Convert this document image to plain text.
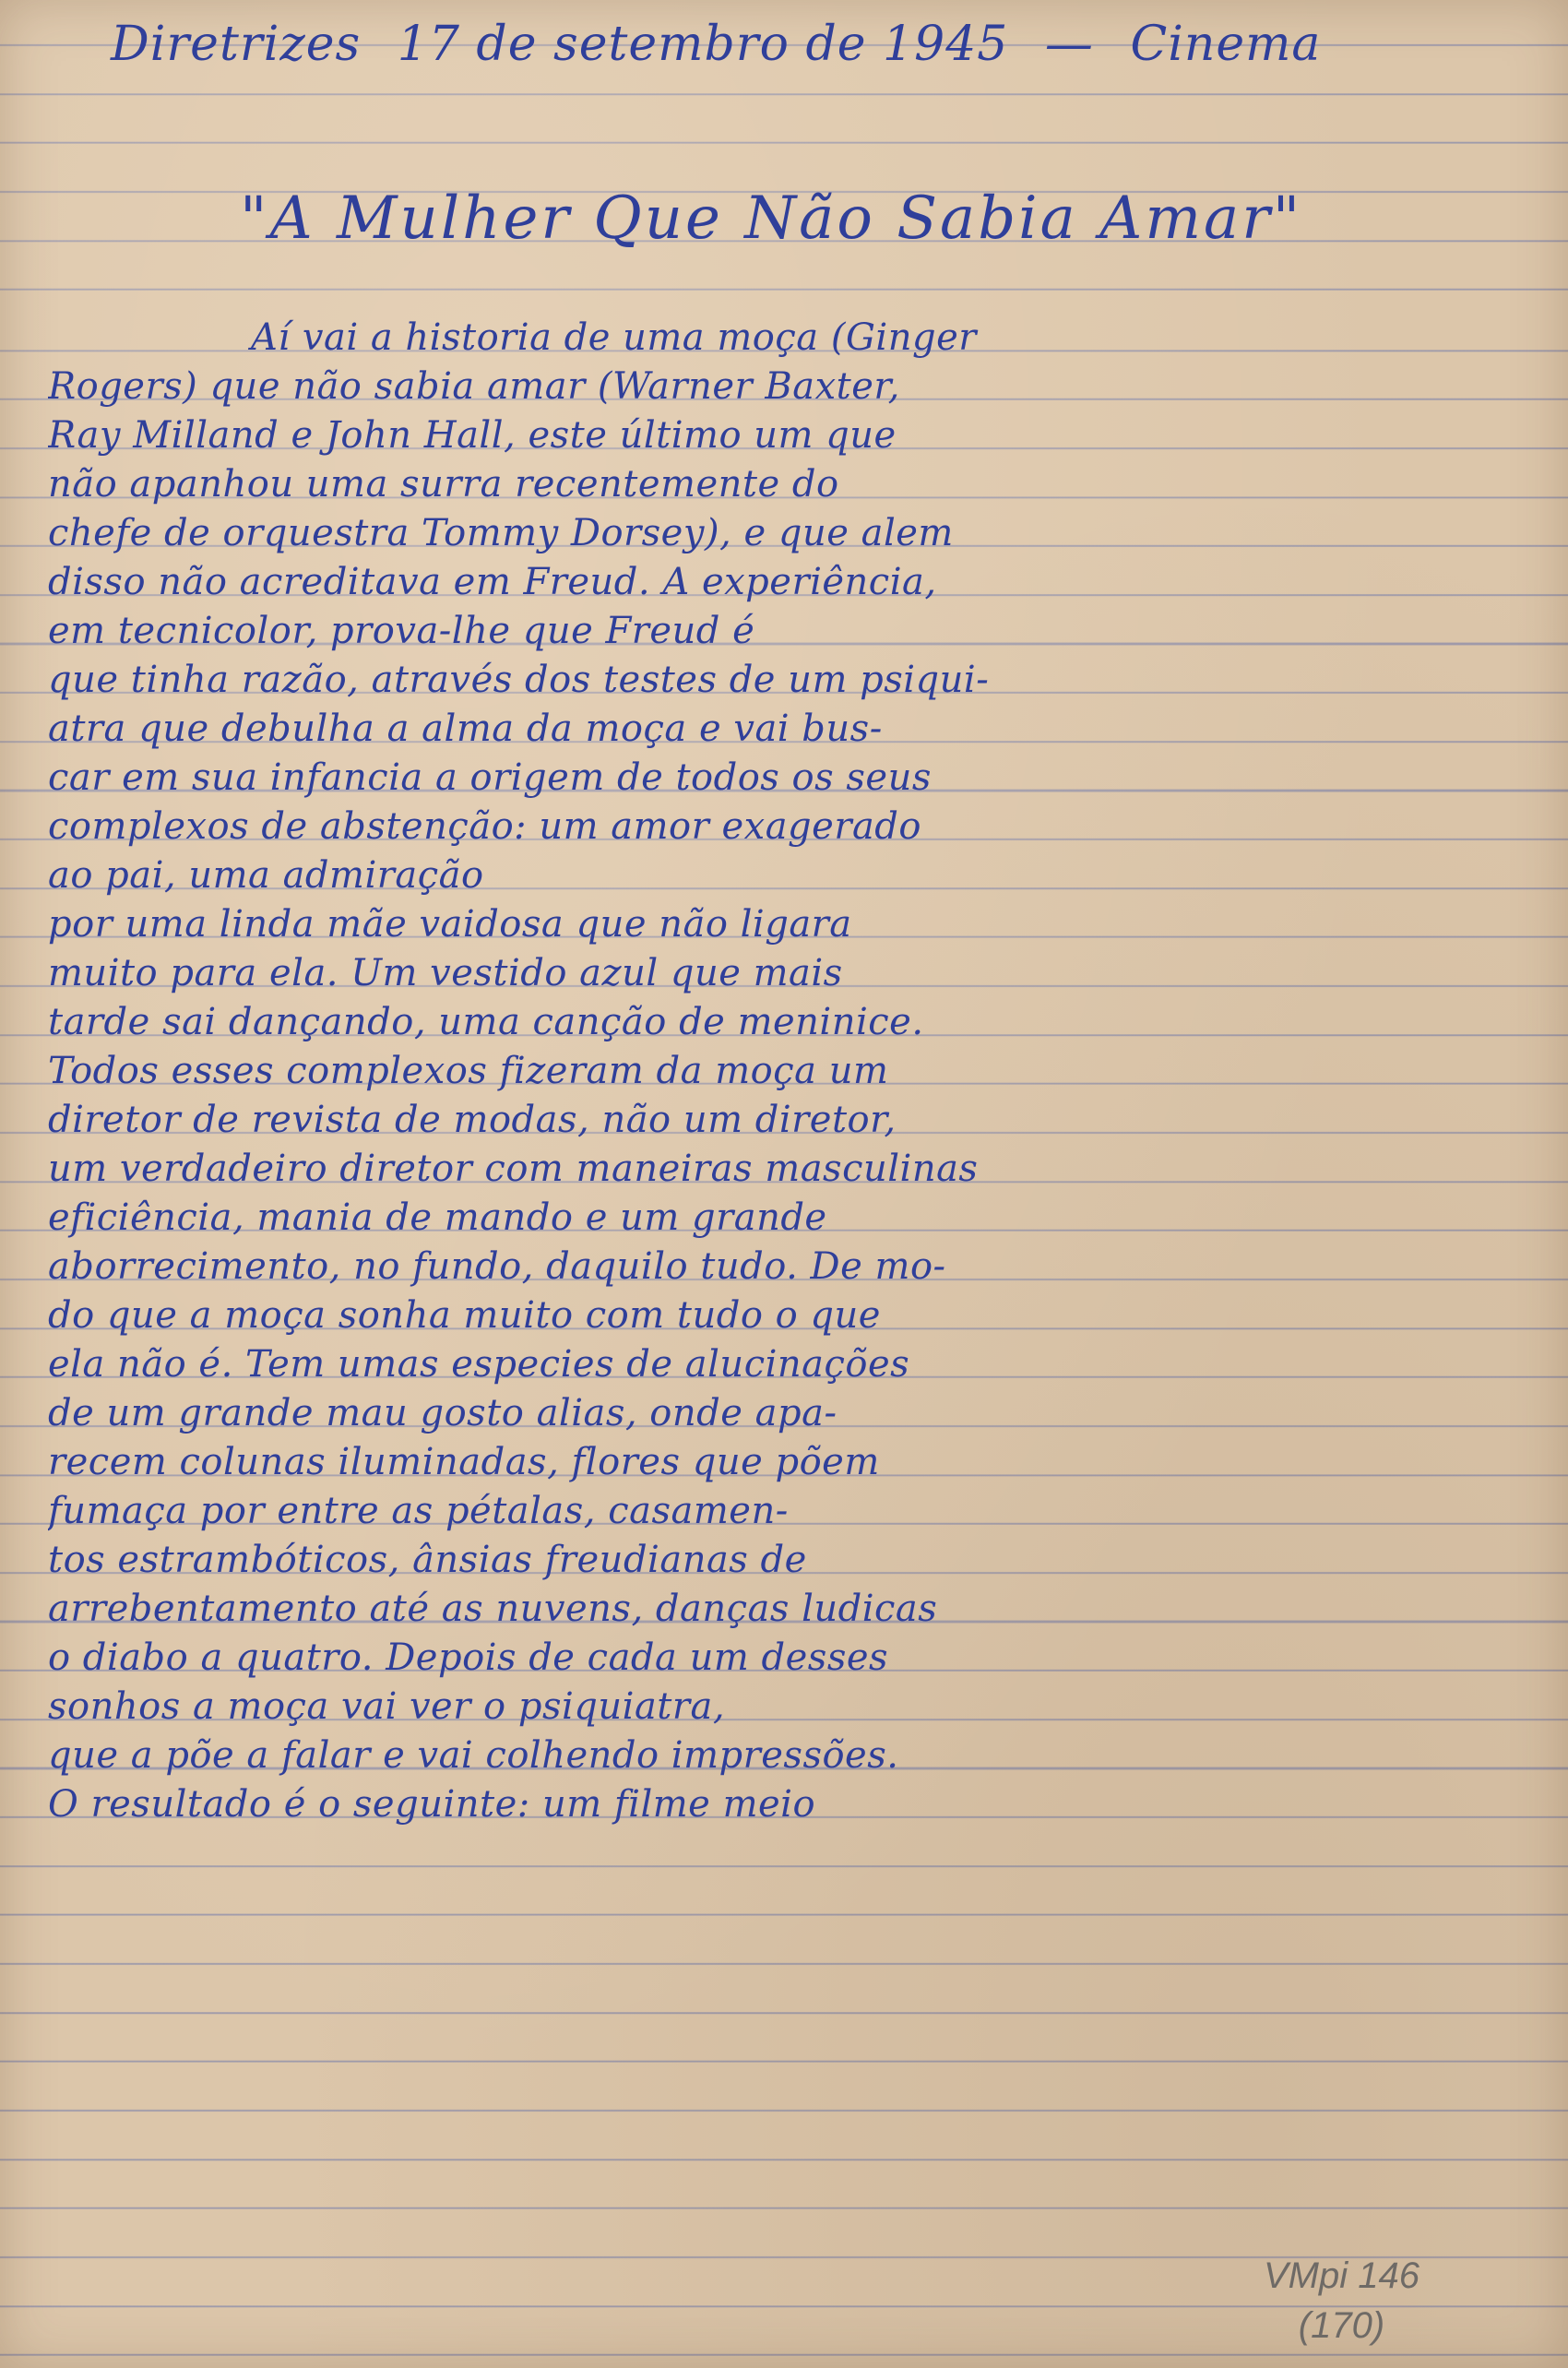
Diretrizes 17 de setembro de 1945 — Cinema
"A Mulher Que Não Sabia Amar"
Aí vai a historia de uma moça (Ginger
Rogers) que não sabia amar (Warner Baxter,
Ray Milland e John Hall, este último um que
não apanhou uma surra recentemente do
chefe de orquestra Tommy Dorsey), e que alem
disso não acreditava em Freud. A experiência,
em tecnicolor, prova-lhe que Freud é
que tinha razão, através dos testes de um psiqui-
atra que debulha a alma da moça e vai bus-
car em sua infancia a origem de todos os seus
complexos de abstenção: um amor exagerado
ao pai, uma admiração
por uma linda mãe vaidosa que não ligara
muito para ela. Um vestido azul que mais
tarde sai dançando, uma canção de meninice.
Todos esses complexos fizeram da moça um
diretor de revista de modas, não um diretor,
um verdadeiro diretor com maneiras masculinas
eficiência, mania de mando e um grande
aborrecimento, no fundo, daquilo tudo. De mo-
do que a moça sonha muito com tudo o que
ela não é. Tem umas especies de alucinações
de um grande mau gosto alias, onde apa-
recem colunas iluminadas, flores que põem
fumaça por entre as pétalas, casamen-
tos estrambóticos, ânsias freudianas de
arrebentamento até as nuvens, danças ludicas
o diabo a quatro. Depois de cada um desses
sonhos a moça vai ver o psiquiatra,
que a põe a falar e vai colhendo impressões.
O resultado é o seguinte: um filme meio
VMpi 146
(170)
